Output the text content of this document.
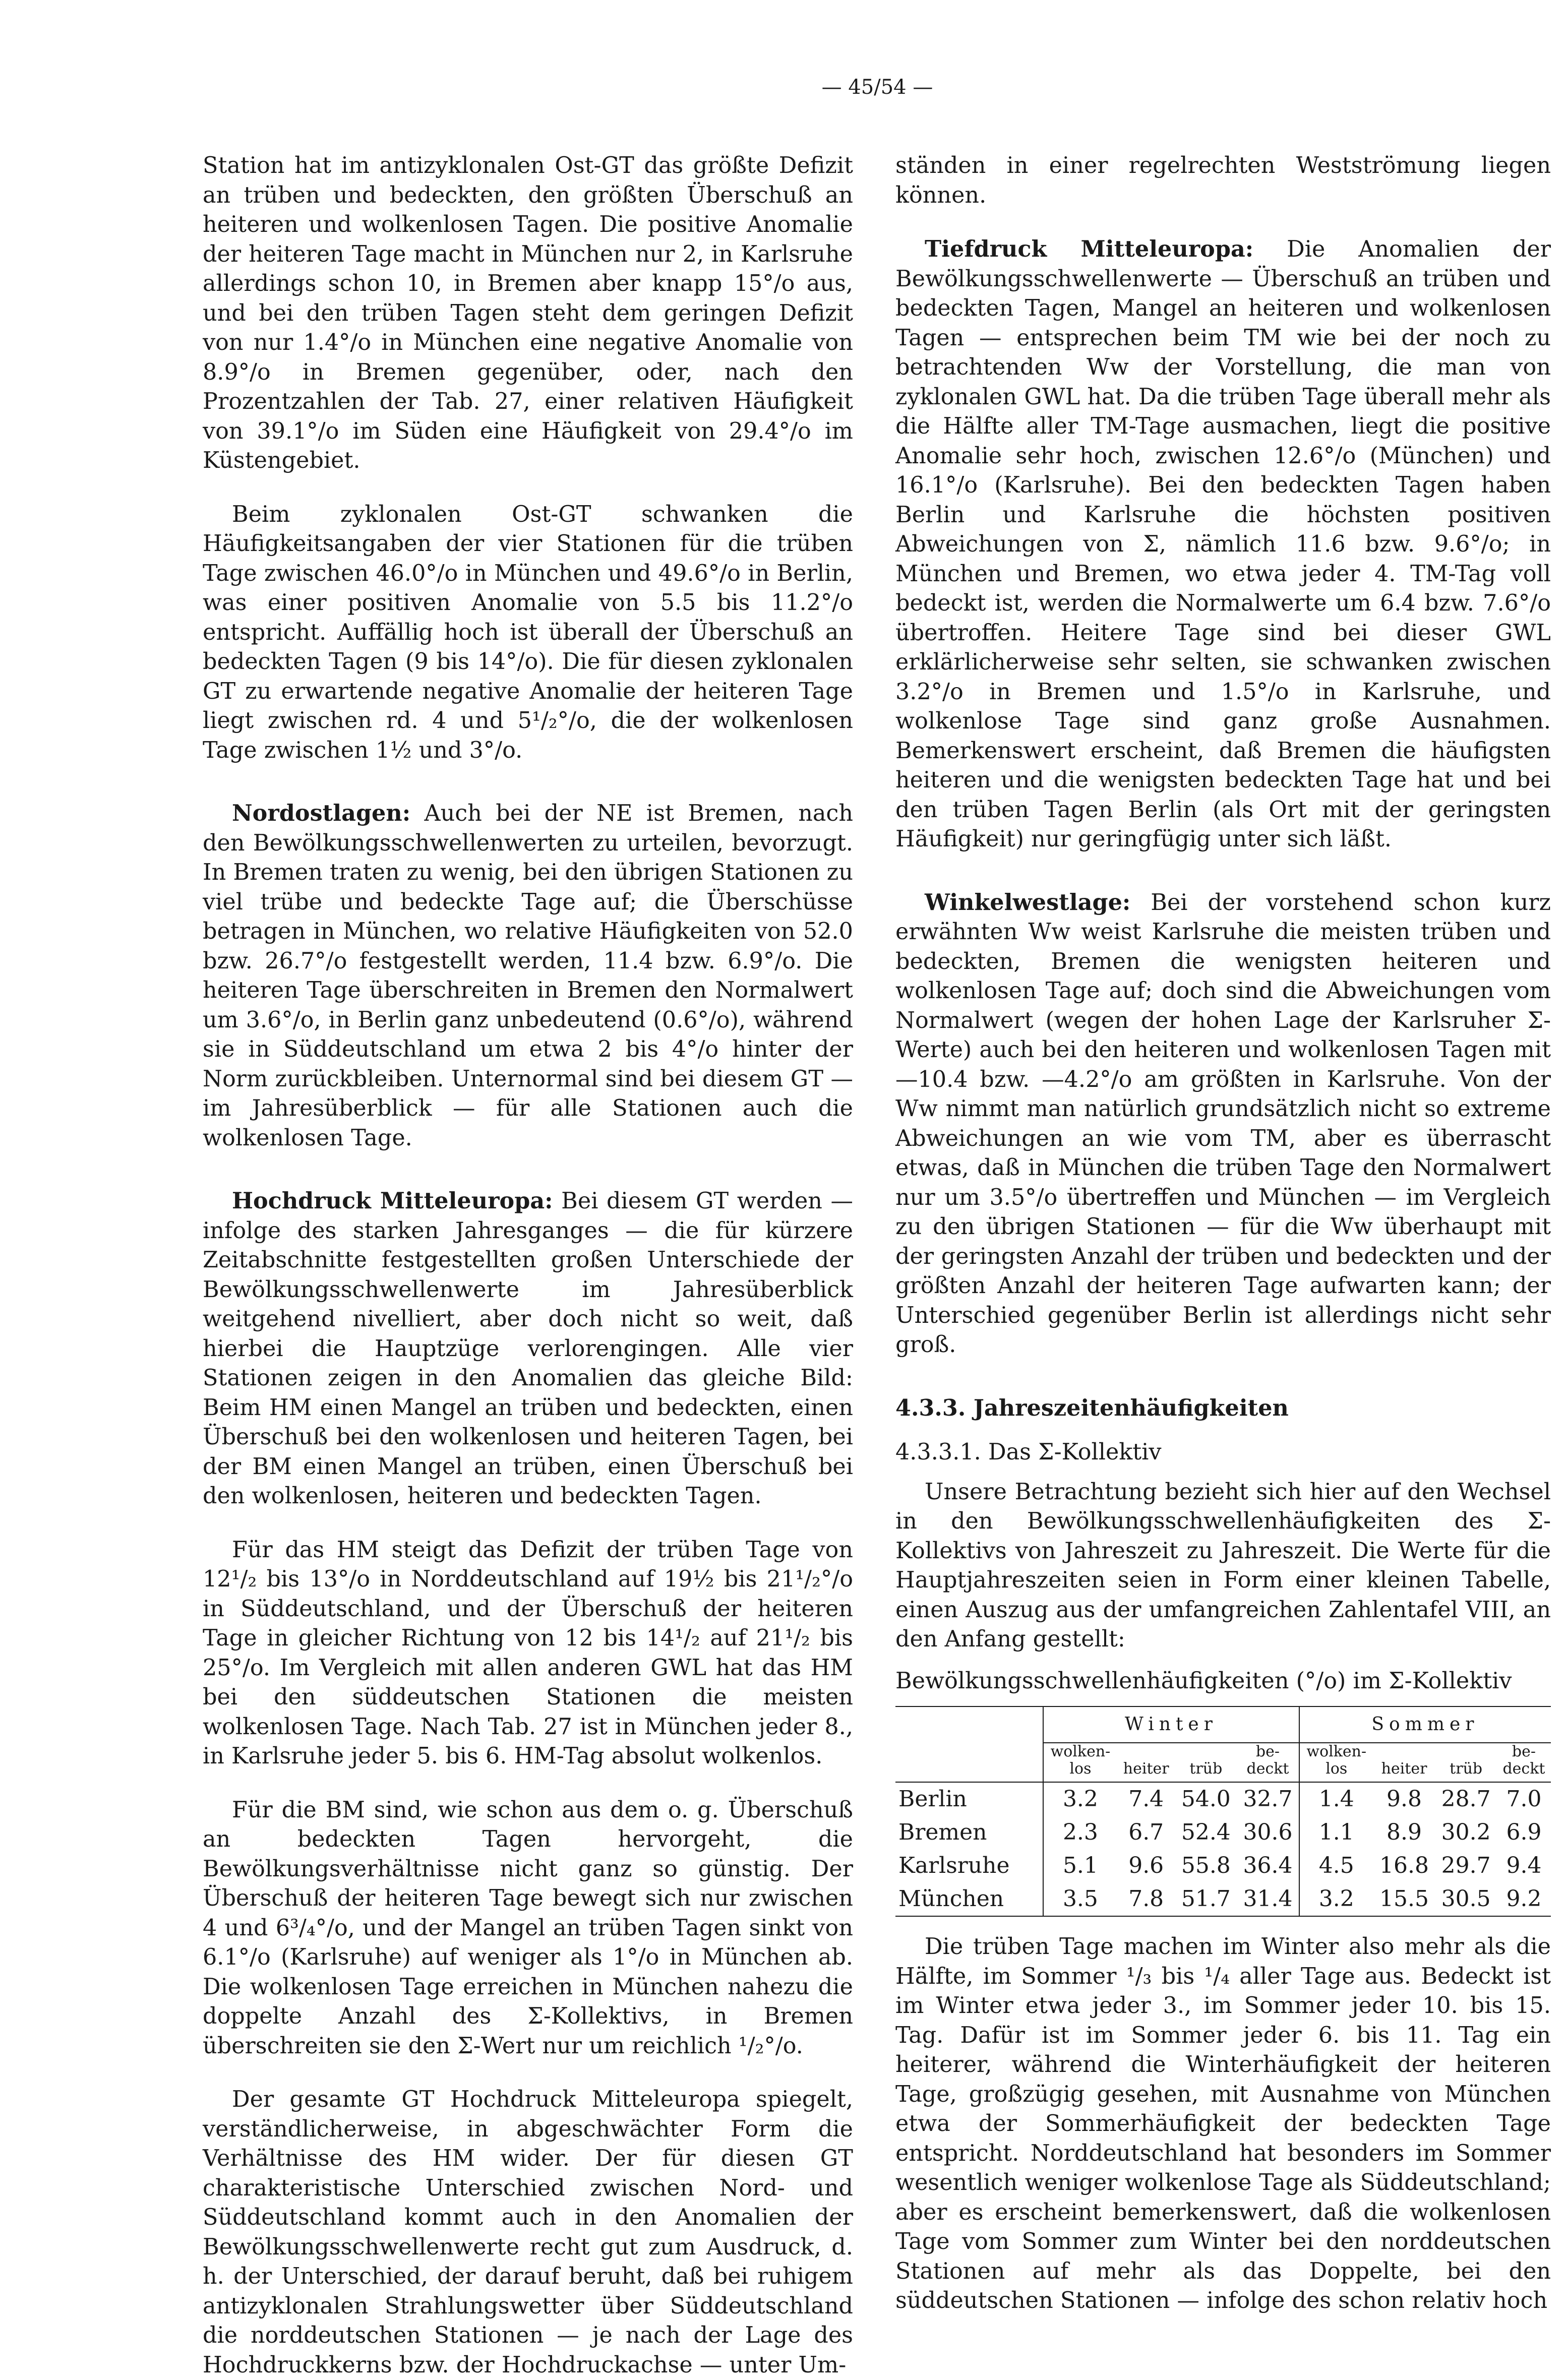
— 45/54 —

Station hat im antizyklonalen Ost-GT das größte Defizit an trüben und bedeckten, den größten Überschuß an heiteren und wolkenlosen Tagen. Die positive Anomalie der heiteren Tage macht in München nur 2, in Karlsruhe allerdings schon 10, in Bremen aber knapp 15°/o aus, und bei den trüben Tagen steht dem geringen Defizit von nur 1.4°/o in München eine negative Anomalie von 8.9°/o in Bremen gegenüber, oder, nach den Prozentzahlen der Tab. 27, einer relativen Häufigkeit von 39.1°/o im Süden eine Häufigkeit von 29.4°/o im Küstengebiet.

Beim zyklonalen Ost-GT schwanken die Häufigkeitsangaben der vier Stationen für die trüben Tage zwischen 46.0°/o in München und 49.6°/o in Berlin, was einer positiven Anomalie von 5.5 bis 11.2°/o entspricht. Auffällig hoch ist überall der Überschuß an bedeckten Tagen (9 bis 14°/o). Die für diesen zyklonalen GT zu erwartende negative Anomalie der heiteren Tage liegt zwischen rd. 4 und 5¹/₂°/o, die der wolkenlosen Tage zwischen 1½ und 3°/o.

Nordostlagen: Auch bei der NE ist Bremen, nach den Bewölkungsschwellenwerten zu urteilen, bevorzugt. In Bremen traten zu wenig, bei den übrigen Stationen zu viel trübe und bedeckte Tage auf; die Überschüsse betragen in München, wo relative Häufigkeiten von 52.0 bzw. 26.7°/o festgestellt werden, 11.4 bzw. 6.9°/o. Die heiteren Tage überschreiten in Bremen den Normalwert um 3.6°/o, in Berlin ganz unbedeutend (0.6°/o), während sie in Süddeutschland um etwa 2 bis 4°/o hinter der Norm zurückbleiben. Unternormal sind bei diesem GT — im Jahresüberblick — für alle Stationen auch die wolkenlosen Tage.

Hochdruck Mitteleuropa: Bei diesem GT werden — infolge des starken Jahresganges — die für kürzere Zeitabschnitte festgestellten großen Unterschiede der Bewölkungsschwellenwerte im Jahresüberblick weitgehend nivelliert, aber doch nicht so weit, daß hierbei die Hauptzüge verlorengingen. Alle vier Stationen zeigen in den Anomalien das gleiche Bild: Beim HM einen Mangel an trüben und bedeckten, einen Überschuß bei den wolkenlosen und heiteren Tagen, bei der BM einen Mangel an trüben, einen Überschuß bei den wolkenlosen, heiteren und bedeckten Tagen.

Für das HM steigt das Defizit der trüben Tage von 12¹/₂ bis 13°/o in Norddeutschland auf 19½ bis 21¹/₂°/o in Süddeutschland, und der Überschuß der heiteren Tage in gleicher Richtung von 12 bis 14¹/₂ auf 21¹/₂ bis 25°/o. Im Vergleich mit allen anderen GWL hat das HM bei den süddeutschen Stationen die meisten wolkenlosen Tage. Nach Tab. 27 ist in München jeder 8., in Karlsruhe jeder 5. bis 6. HM-Tag absolut wolkenlos.

Für die BM sind, wie schon aus dem o. g. Überschuß an bedeckten Tagen hervorgeht, die Bewölkungsverhältnisse nicht ganz so günstig. Der Überschuß der heiteren Tage bewegt sich nur zwischen 4 und 6³/₄°/o, und der Mangel an trüben Tagen sinkt von 6.1°/o (Karlsruhe) auf weniger als 1°/o in München ab. Die wolkenlosen Tage erreichen in München nahezu die doppelte Anzahl des Σ-Kollektivs, in Bremen überschreiten sie den Σ-Wert nur um reichlich ¹/₂°/o.

Der gesamte GT Hochdruck Mitteleuropa spiegelt, verständlicherweise, in abgeschwächter Form die Verhältnisse des HM wider. Der für diesen GT charakteristische Unterschied zwischen Nord- und Süddeutschland kommt auch in den Anomalien der Bewölkungsschwellenwerte recht gut zum Ausdruck, d. h. der Unterschied, der darauf beruht, daß bei ruhigem antizyklonalen Strahlungswetter über Süddeutschland die norddeutschen Stationen — je nach der Lage des Hochdruckkerns bzw. der Hochdruckachse — unter Um-

ständen in einer regelrechten Westströmung liegen können.

Tiefdruck Mitteleuropa: Die Anomalien der Bewölkungsschwellenwerte — Überschuß an trüben und bedeckten Tagen, Mangel an heiteren und wolkenlosen Tagen — entsprechen beim TM wie bei der noch zu betrachtenden Ww der Vorstellung, die man von zyklonalen GWL hat. Da die trüben Tage überall mehr als die Hälfte aller TM-Tage ausmachen, liegt die positive Anomalie sehr hoch, zwischen 12.6°/o (München) und 16.1°/o (Karlsruhe). Bei den bedeckten Tagen haben Berlin und Karlsruhe die höchsten positiven Abweichungen von Σ, nämlich 11.6 bzw. 9.6°/o; in München und Bremen, wo etwa jeder 4. TM-Tag voll bedeckt ist, werden die Normalwerte um 6.4 bzw. 7.6°/o übertroffen. Heitere Tage sind bei dieser GWL erklärlicherweise sehr selten, sie schwanken zwischen 3.2°/o in Bremen und 1.5°/o in Karlsruhe, und wolkenlose Tage sind ganz große Ausnahmen. Bemerkenswert erscheint, daß Bremen die häufigsten heiteren und die wenigsten bedeckten Tage hat und bei den trüben Tagen Berlin (als Ort mit der geringsten Häufigkeit) nur geringfügig unter sich läßt.

Winkelwestlage: Bei der vorstehend schon kurz erwähnten Ww weist Karlsruhe die meisten trüben und bedeckten, Bremen die wenigsten heiteren und wolkenlosen Tage auf; doch sind die Abweichungen vom Normalwert (wegen der hohen Lage der Karlsruher Σ-Werte) auch bei den heiteren und wolkenlosen Tagen mit —10.4 bzw. —4.2°/o am größten in Karlsruhe. Von der Ww nimmt man natürlich grundsätzlich nicht so extreme Abweichungen an wie vom TM, aber es überrascht etwas, daß in München die trüben Tage den Normalwert nur um 3.5°/o übertreffen und München — im Vergleich zu den übrigen Stationen — für die Ww überhaupt mit der geringsten Anzahl der trüben und bedeckten und der größten Anzahl der heiteren Tage aufwarten kann; der Unterschied gegenüber Berlin ist allerdings nicht sehr groß.

4.3.3. Jahreszeitenhäufigkeiten

4.3.3.1. Das Σ-Kollektiv

Unsere Betrachtung bezieht sich hier auf den Wechsel in den Bewölkungsschwellenhäufigkeiten des Σ-Kollektivs von Jahreszeit zu Jahreszeit. Die Werte für die Hauptjahreszeiten seien in Form einer kleinen Tabelle, einen Auszug aus der umfangreichen Zahlentafel VIII, an den Anfang gestellt:

Bewölkungsschwellenhäufigkeiten (°/o) im Σ-Kollektiv

	Winter				Sommer			
	wolken-
los	heiter	trüb	be-
deckt	wolken-
los	heiter	trüb	be-
deckt
Berlin	3.2	7.4	54.0	32.7	1.4	9.8	28.7	7.0
Bremen	2.3	6.7	52.4	30.6	1.1	8.9	30.2	6.9
Karlsruhe	5.1	9.6	55.8	36.4	4.5	16.8	29.7	9.4
München	3.5	7.8	51.7	31.4	3.2	15.5	30.5	9.2

Die trüben Tage machen im Winter also mehr als die Hälfte, im Sommer ¹/₃ bis ¹/₄ aller Tage aus. Bedeckt ist im Winter etwa jeder 3., im Sommer jeder 10. bis 15. Tag. Dafür ist im Sommer jeder 6. bis 11. Tag ein heiterer, während die Winterhäufigkeit der heiteren Tage, großzügig gesehen, mit Ausnahme von München etwa der Sommerhäufigkeit der bedeckten Tage entspricht. Norddeutschland hat besonders im Sommer wesentlich weniger wolkenlose Tage als Süddeutschland; aber es erscheint bemerkenswert, daß die wolkenlosen Tage vom Sommer zum Winter bei den norddeutschen Stationen auf mehr als das Doppelte, bei den süddeutschen Stationen — infolge des schon relativ hoch
